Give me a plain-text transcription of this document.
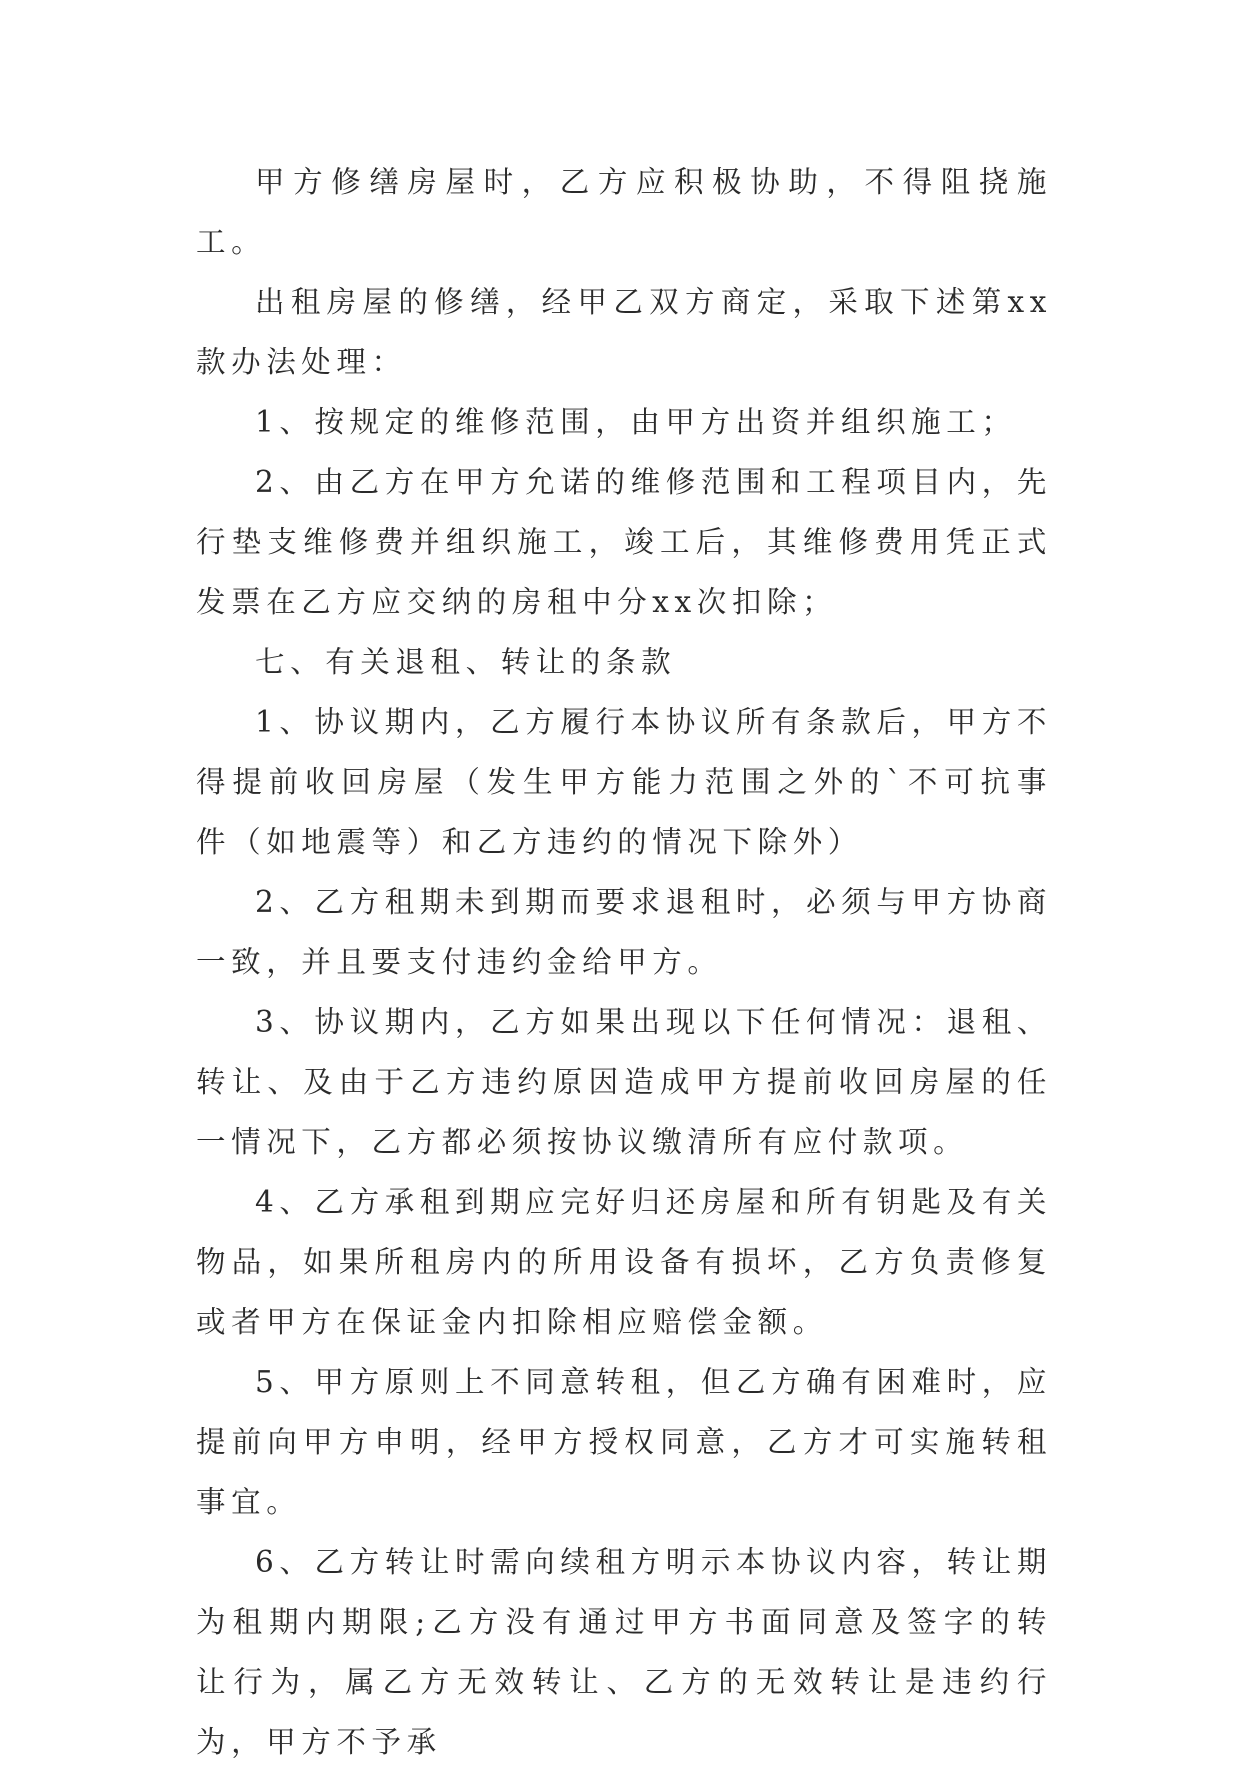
甲方修缮房屋时，乙方应积极协助，不得阻挠施工。

出租房屋的修缮，经甲乙双方商定，采取下述第xx款办法处理：

1、按规定的维修范围，由甲方出资并组织施工；

2、由乙方在甲方允诺的维修范围和工程项目内，先行垫支维修费并组织施工，竣工后，其维修费用凭正式发票在乙方应交纳的房租中分xx次扣除；

七、有关退租、转让的条款

1、协议期内，乙方履行本协议所有条款后，甲方不得提前收回房屋（发生甲方能力范围之外的`不可抗事件（如地震等）和乙方违约的情况下除外）

2、乙方租期未到期而要求退租时，必须与甲方协商一致，并且要支付违约金给甲方。

3、协议期内，乙方如果出现以下任何情况：退租、转让、及由于乙方违约原因造成甲方提前收回房屋的任一情况下，乙方都必须按协议缴清所有应付款项。

4、乙方承租到期应完好归还房屋和所有钥匙及有关物品，如果所租房内的所用设备有损坏，乙方负责修复或者甲方在保证金内扣除相应赔偿金额。

5、甲方原则上不同意转租，但乙方确有困难时，应提前向甲方申明，经甲方授权同意，乙方才可实施转租事宜。

6、乙方转让时需向续租方明示本协议内容，转让期为租期内期限;乙方没有通过甲方书面同意及签字的转让行为，属乙方无效转让、乙方的无效转让是违约行为，甲方不予承
